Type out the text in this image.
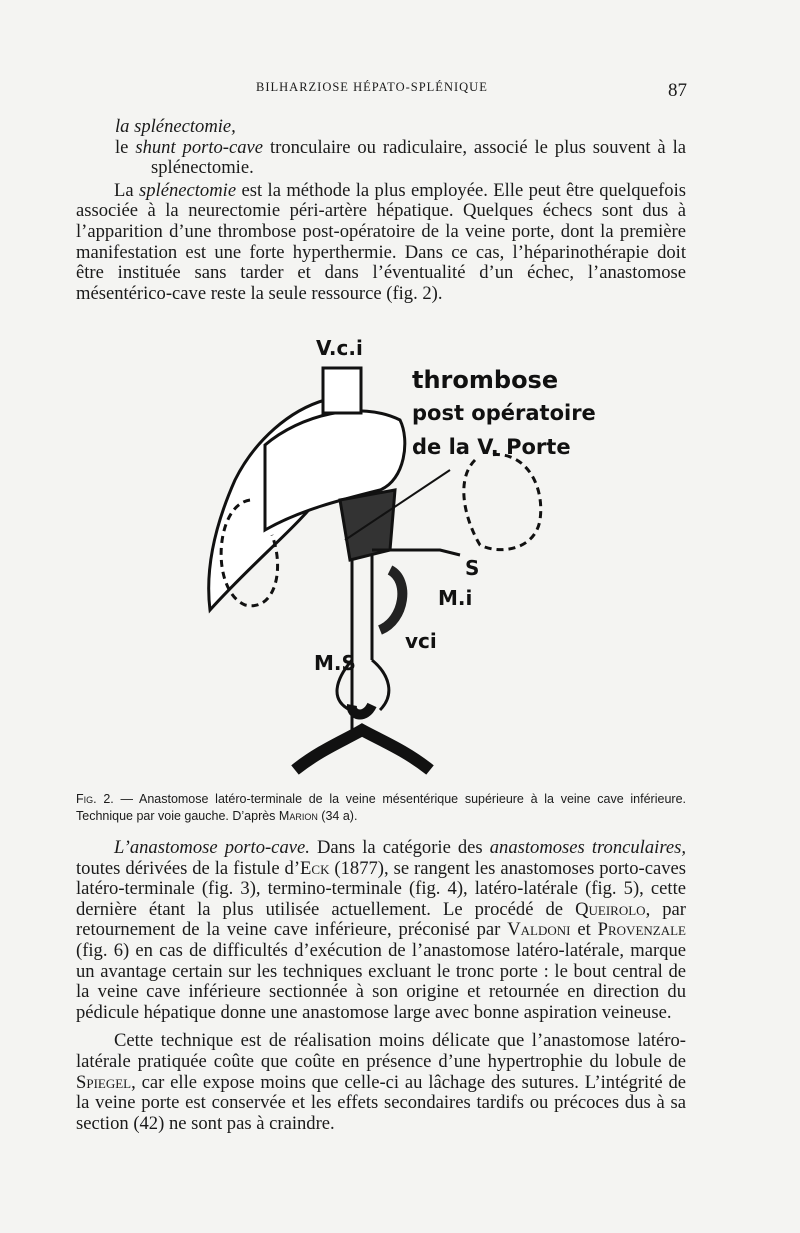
BILHARZIOSE HÉPATO-SPLÉNIQUE	87

la splénectomie,

le shunt porto-cave tronculaire ou radiculaire, associé le plus souvent à la splénectomie.

La splénectomie est la méthode la plus employée. Elle peut être quelquefois associée à la neurectomie péri-artère hépatique. Quelques échecs sont dus à l’apparition d’une thrombose post-opératoire de la veine porte, dont la première manifestation est une forte hyperthermie. Dans ce cas, l’héparinothérapie doit être instituée sans tarder et dans l’éventualité d’un échec, l’anastomose mésentérico-cave reste la seule ressource (fig. 2).

V.c.i
thrombose
post opératoire
de la V. Porte
S
M.i
vci
M.S
Fig. 2. — Anastomose latéro-terminale de la veine mésentérique supérieure à la veine cave inférieure. Technique par voie gauche. D’après Marion (34 a).

L’anastomose porto-cave. Dans la catégorie des anastomoses tronculaires, toutes dérivées de la fistule d’Eck (1877), se rangent les anastomoses porto-caves latéro-terminale (fig. 3), termino-terminale (fig. 4), latéro-latérale (fig. 5), cette dernière étant la plus utilisée actuellement. Le procédé de Queirolo, par retournement de la veine cave inférieure, préconisé par Valdoni et Provenzale (fig. 6) en cas de difficultés d’exécution de l’anastomose latéro-latérale, marque un avantage certain sur les techniques excluant le tronc porte : le bout central de la veine cave inférieure sectionnée à son origine et retournée en direction du pédicule hépatique donne une anastomose large avec bonne aspiration veineuse.

Cette technique est de réalisation moins délicate que l’anastomose latéro-latérale pratiquée coûte que coûte en présence d’une hypertrophie du lobule de Spiegel, car elle expose moins que celle-ci au lâchage des sutures. L’intégrité de la veine porte est conservée et les effets secondaires tardifs ou précoces dus à sa section (42) ne sont pas à craindre.
